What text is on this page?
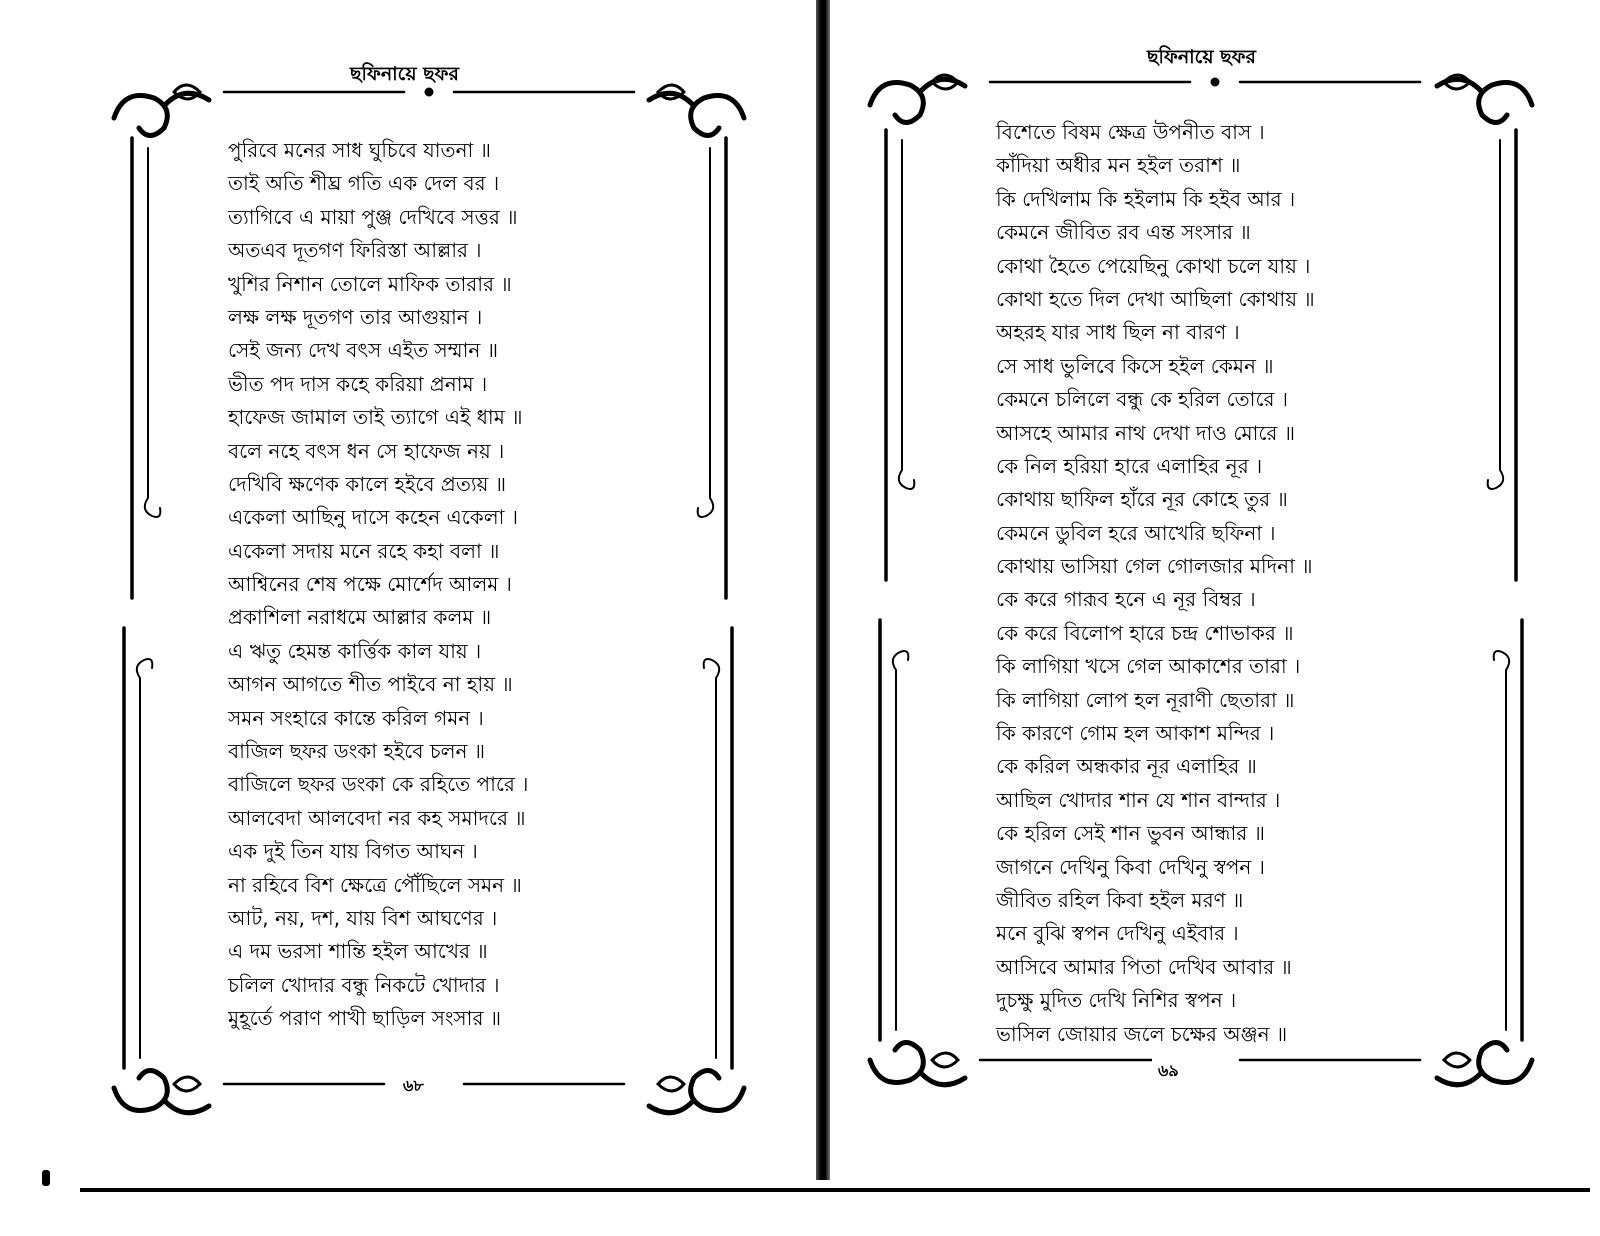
ছফিনায়ে ছফর
পুরিবে মনের সাধ ঘুচিবে যাতনা ॥
তাই অতি শীঘ্র গতি এক দেল বর ।
ত্যাগিবে এ মায়া পুঞ্জ দেখিবে সত্তর ॥
অতএব দূতগণ ফিরিস্তা আল্লার ।
খুশির নিশান তোলে মাফিক তারার ॥
লক্ষ লক্ষ দূতগণ তার আগুয়ান ।
সেই জন্য দেখ বৎস এইত সম্মান ॥
ভীত পদ দাস কহে করিয়া প্রনাম ।
হাফেজ জামাল তাই ত্যাগে এই ধাম ॥
বলে নহে বৎস ধন সে হাফেজ নয় ।
দেখিবি ক্ষণেক কালে হইবে প্রত্যয় ॥
একেলা আছিনু দাসে কহেন একেলা ।
একেলা সদায় মনে রহে কহা বলা ॥
আশ্বিনের শেষ পক্ষে মোর্শেদ আলম ।
প্রকাশিলা নরাধমে আল্লার কলম ॥
এ ঋতু হেমন্ত কার্ত্তিক কাল যায় ।
আগন আগতে শীত পাইবে না হায় ॥
সমন সংহারে কান্তে করিল গমন ।
বাজিল ছফর ডংকা হইবে চলন ॥
বাজিলে ছফর ডংকা কে রহিতে পারে ।
আলবেদা আলবেদা নর কহ সমাদরে ॥
এক দুই তিন যায় বিগত আঘন ।
না রহিবে বিশ ক্ষেত্রে পৌঁছিলে সমন ॥
আট, নয়, দশ, যায় বিশ আঘণের ।
এ দম ভরসা শান্তি হইল আখের ॥
চলিল খোদার বন্ধু নিকটে খোদার ।
মুহূর্তে পরাণ পাখী ছাড়িল সংসার ॥
৬৮
ছফিনায়ে ছফর
বিশেতে বিষম ক্ষেত্র উপনীত বাস ।
কাঁদিয়া অধীর মন হইল তরাশ ॥
কি দেখিলাম কি হইলাম কি হইব আর ।
কেমনে জীবিত রব এন্ত সংসার ॥
কোথা হৈতে পেয়েছিনু কোথা চলে যায় ।
কোথা হতে দিল দেখা আছিলা কোথায় ॥
অহরহ যার সাধ ছিল না বারণ ।
সে সাধ ভুলিবে কিসে হইল কেমন ॥
কেমনে চলিলে বন্ধু কে হরিল তোরে ।
আসহে আমার নাথ দেখা দাও মোরে ॥
কে নিল হরিয়া হারে এলাহির নূর ।
কোথায় ছাফিল হাঁরে নূর কোহে তুর ॥
কেমনে ডুবিল হরে আখেরি ছফিনা ।
কোথায় ভাসিয়া গেল গোলজার মদিনা ॥
কে করে গারূব হনে এ নূর বিম্বর ।
কে করে বিলোপ হারে চন্দ্র শোভাকর ॥
কি লাগিয়া খসে গেল আকাশের তারা ।
কি লাগিয়া লোপ হল নূরাণী ছেতারা ॥
কি কারণে গোম হল আকাশ মন্দির ।
কে করিল অন্ধকার নূর এলাহির ॥
আছিল খোদার শান যে শান বান্দার ।
কে হরিল সেই শান ভুবন আন্ধার ॥
জাগনে দেখিনু কিবা দেখিনু স্বপন ।
জীবিত রহিল কিবা হইল মরণ ॥
মনে বুঝি স্বপন দেখিনু এইবার ।
আসিবে আমার পিতা দেখিব আবার ॥
দুচক্ষু মুদিত দেখি নিশির স্বপন ।
ভাসিল জোয়ার জলে চক্ষের অঞ্জন ॥
৬৯
